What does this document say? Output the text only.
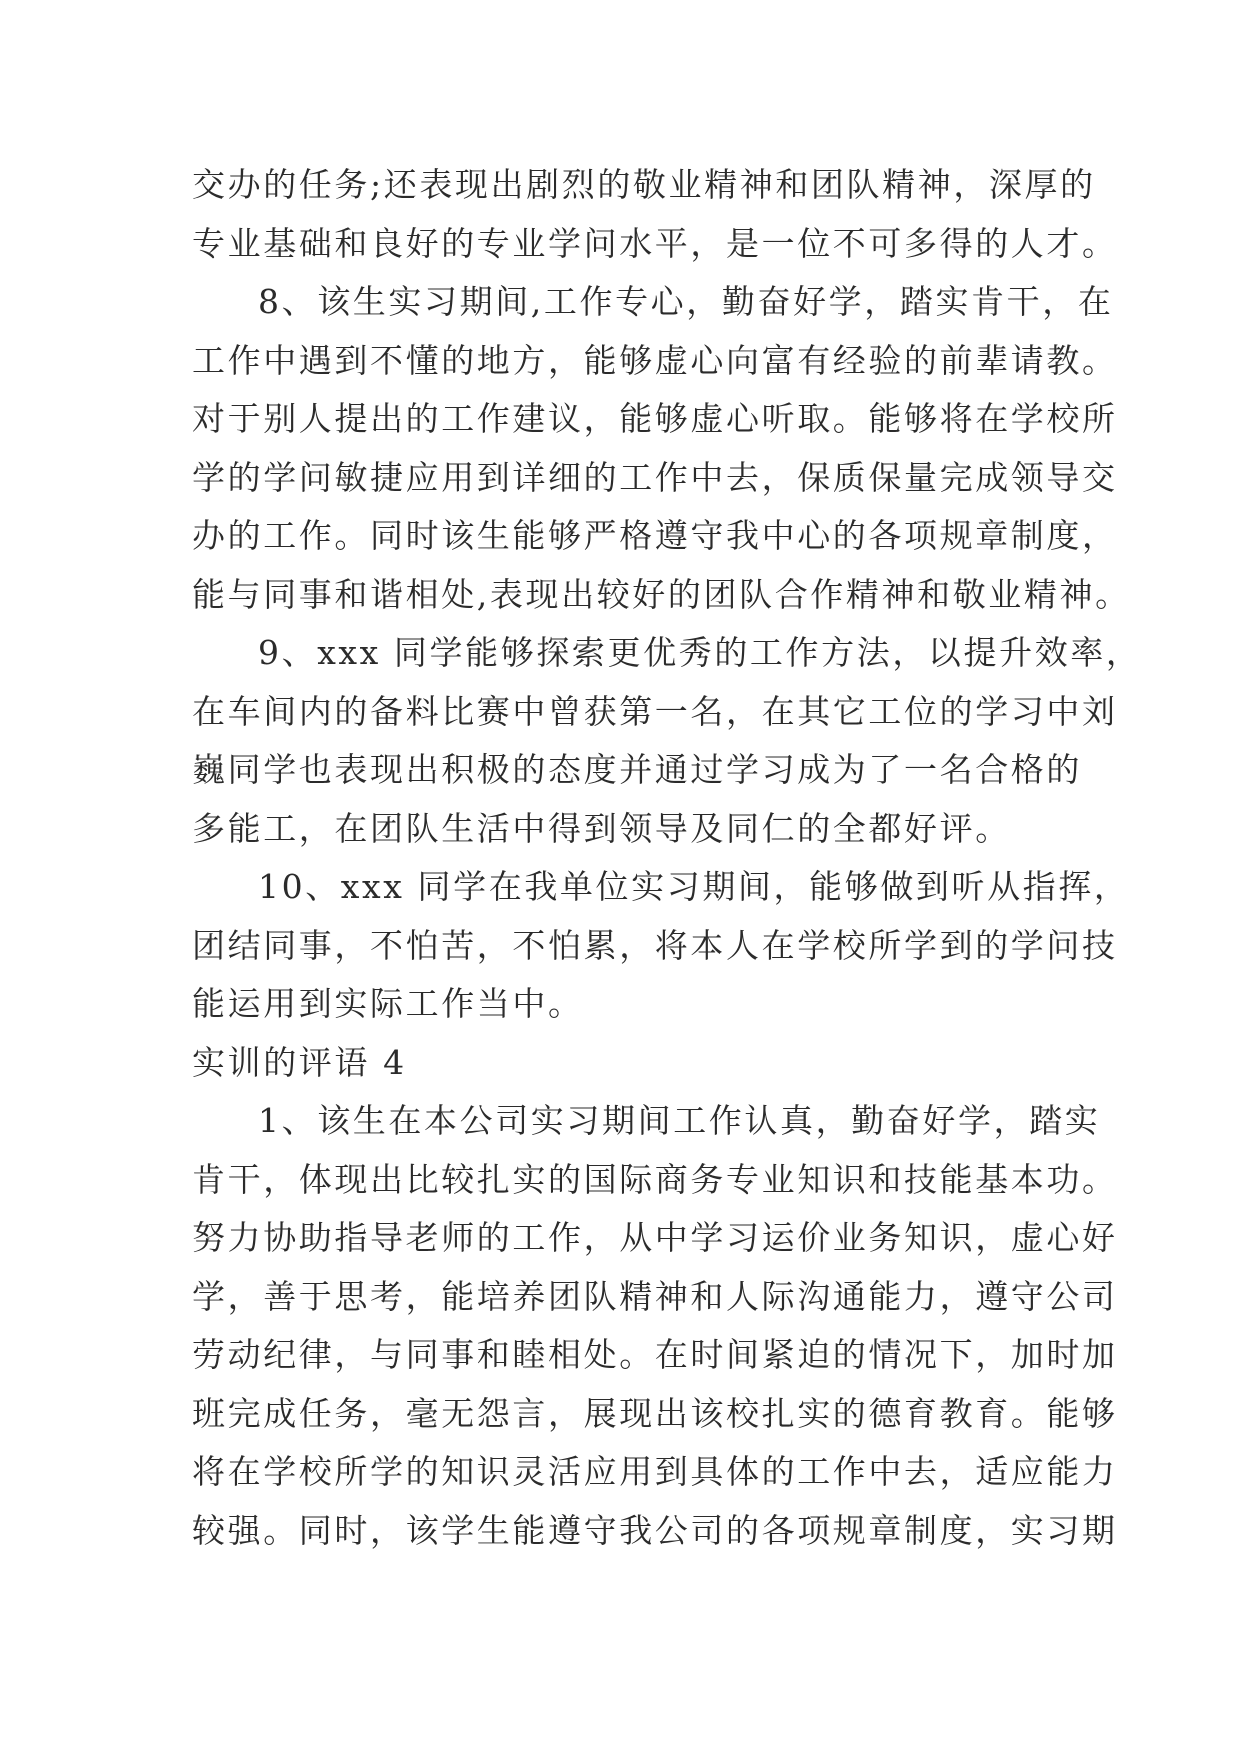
交办的任务;还表现出剧烈的敬业精神和团队精神，深厚的
专业基础和良好的专业学问水平，是一位不可多得的人才。
8、该生实习期间,工作专心，勤奋好学，踏实肯干，在
工作中遇到不懂的地方，能够虚心向富有经验的前辈请教。
对于别人提出的工作建议，能够虚心听取。能够将在学校所
学的学问敏捷应用到详细的工作中去，保质保量完成领导交
办的工作。同时该生能够严格遵守我中心的各项规章制度，
能与同事和谐相处,表现出较好的团队合作精神和敬业精神。
9、xxx 同学能够探索更优秀的工作方法，以提升效率，
在车间内的备料比赛中曾获第一名，在其它工位的学习中刘
巍同学也表现出积极的态度并通过学习成为了一名合格的
多能工，在团队生活中得到领导及同仁的全都好评。
10、xxx 同学在我单位实习期间，能够做到听从指挥，
团结同事，不怕苦，不怕累，将本人在学校所学到的学问技
能运用到实际工作当中。
实训的评语 4
1、该生在本公司实习期间工作认真，勤奋好学，踏实
肯干，体现出比较扎实的国际商务专业知识和技能基本功。
努力协助指导老师的工作，从中学习运价业务知识，虚心好
学，善于思考，能培养团队精神和人际沟通能力，遵守公司
劳动纪律，与同事和睦相处。在时间紧迫的情况下，加时加
班完成任务，毫无怨言，展现出该校扎实的德育教育。能够
将在学校所学的知识灵活应用到具体的工作中去，适应能力
较强。同时，该学生能遵守我公司的各项规章制度，实习期
